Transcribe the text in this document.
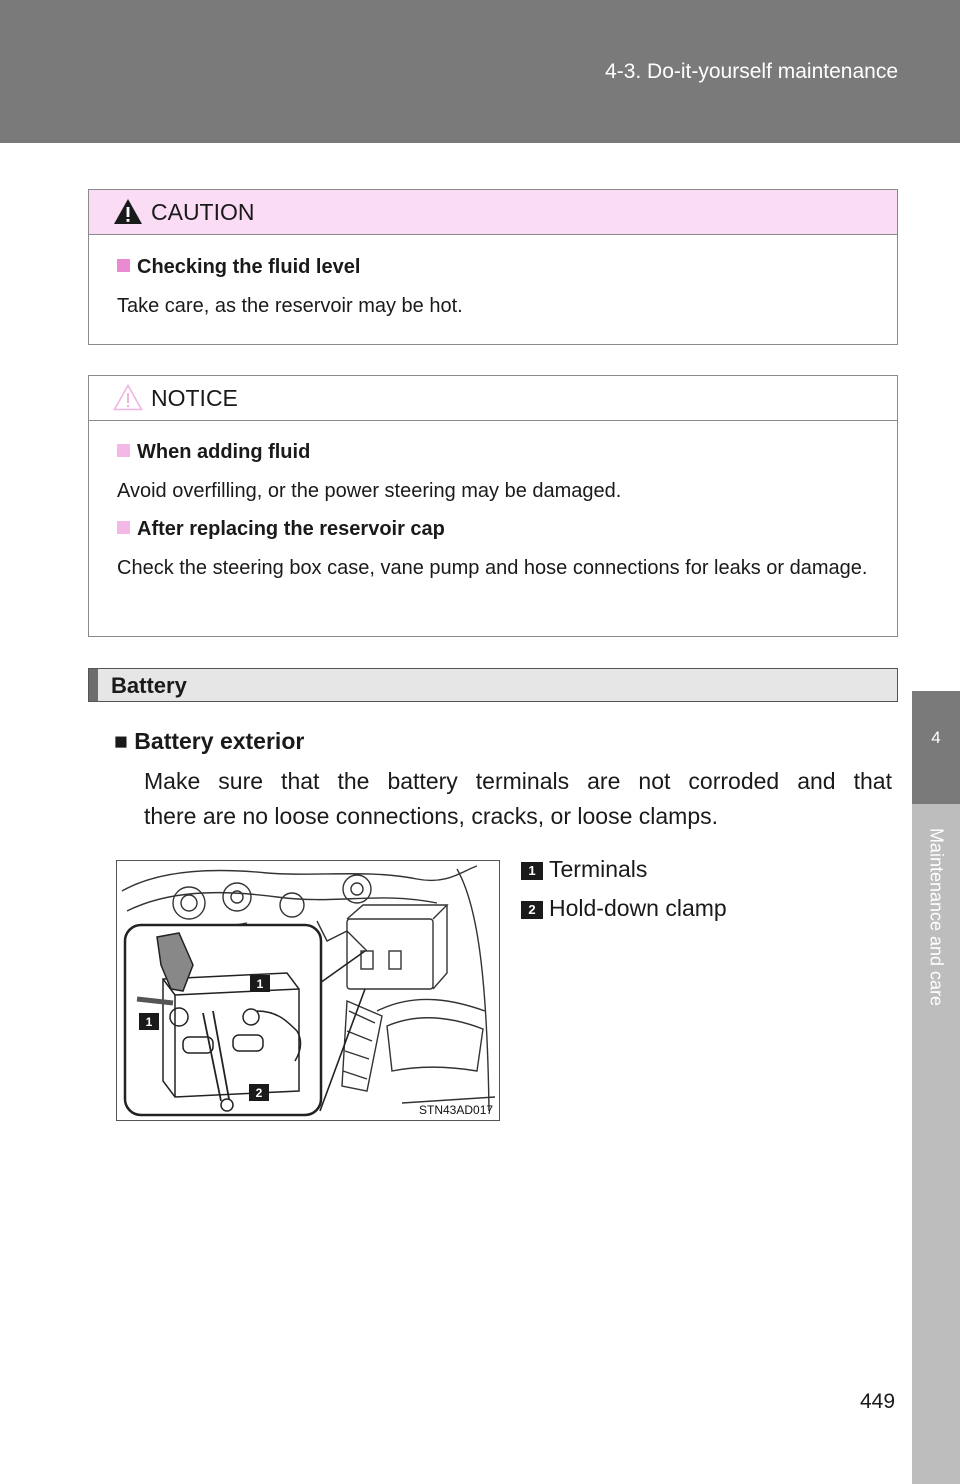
4-3. Do-it-yourself maintenance
4
Maintenance and care
CAUTION
Checking the fluid level
Take care, as the reservoir may be hot.
NOTICE
When adding fluid
Avoid overfilling, or the power steering may be damaged.
After replacing the reservoir cap
Check the steering box case, vane pump and hose connections for leaks or damage.
Battery
■ Battery exterior

Make sure that the battery terminals are not corroded and that

there are no loose connections, cracks, or loose clamps.

1
1
2
STN43AD017
1 Terminals
2 Hold-down clamp
449
